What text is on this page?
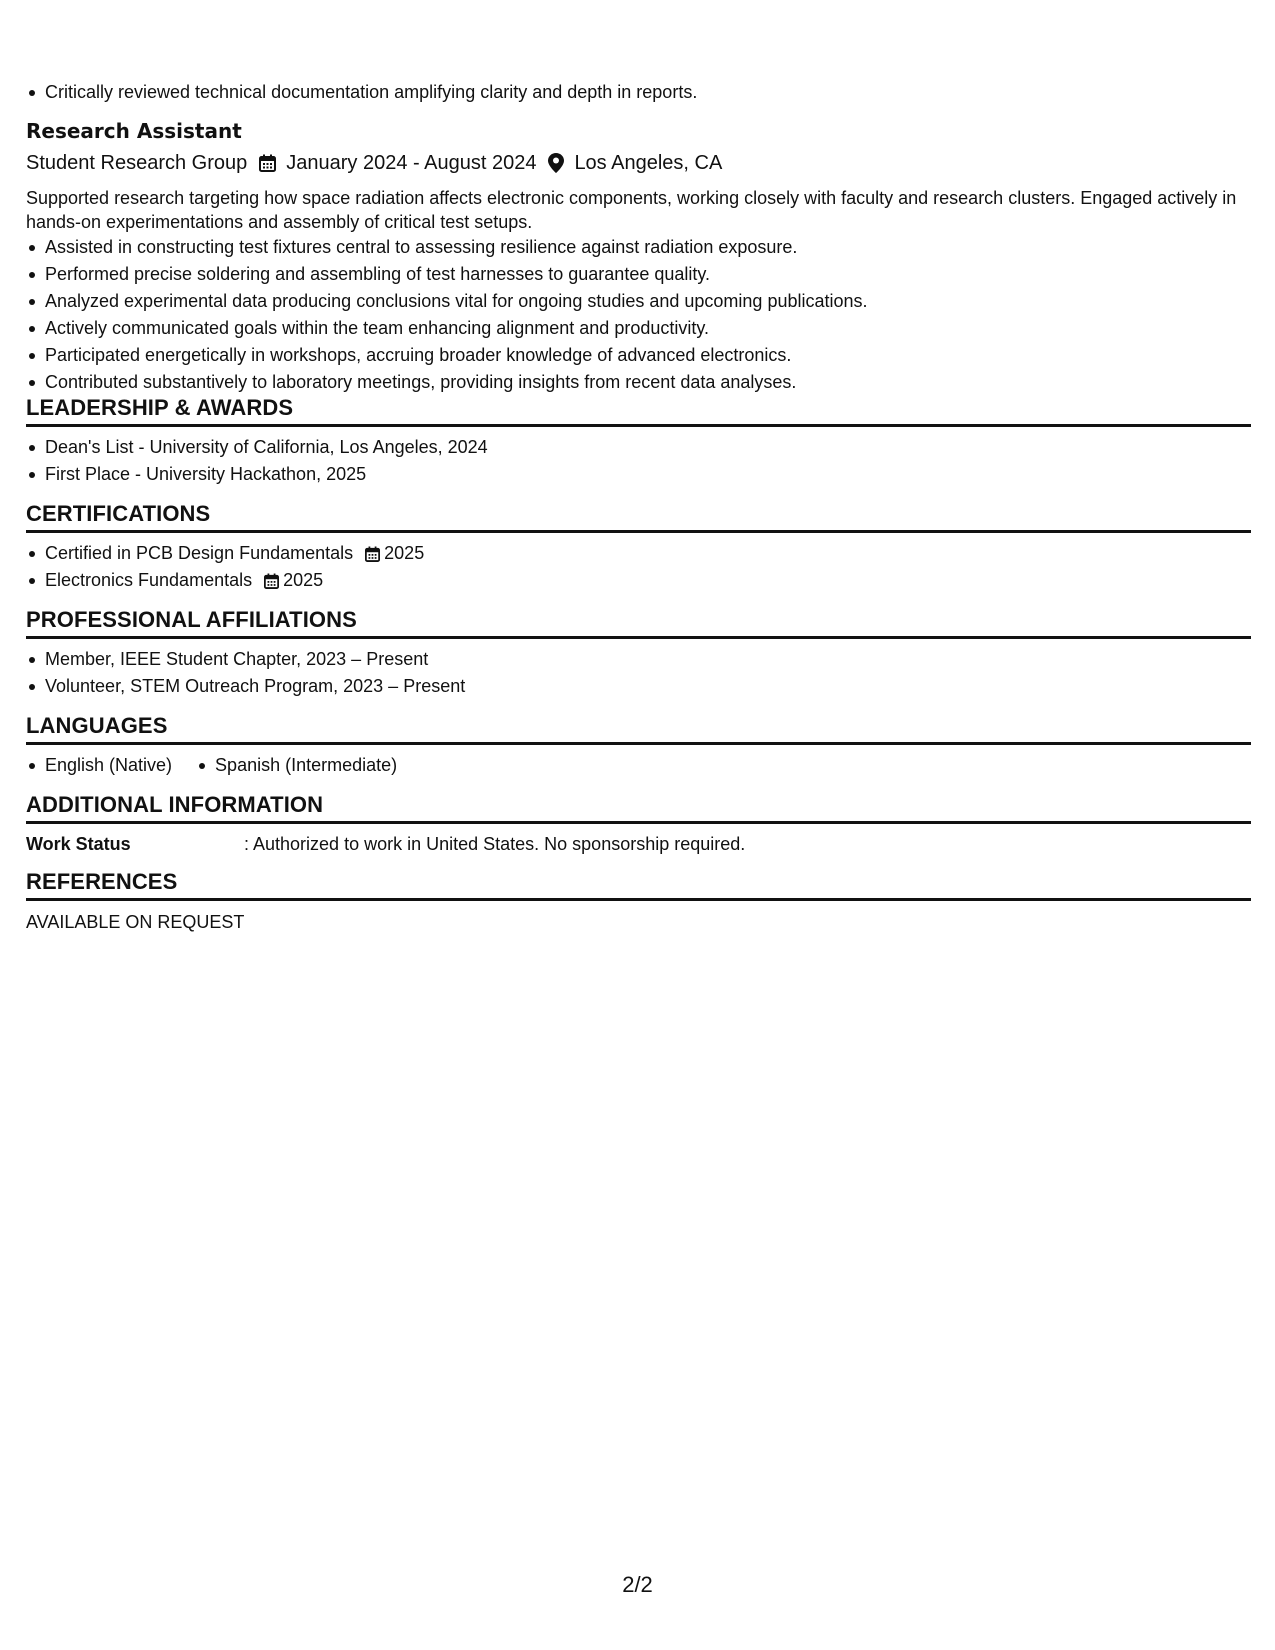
Critically reviewed technical documentation amplifying clarity and depth in reports.
Research Assistant
Student Research Group January 2024 - August 2024 Los Angeles, CA
Supported research targeting how space radiation affects electronic components, working closely with faculty and research clusters. Engaged actively in hands-on experimentations and assembly of critical test setups.
Assisted in constructing test fixtures central to assessing resilience against radiation exposure.
Performed precise soldering and assembling of test harnesses to guarantee quality.
Analyzed experimental data producing conclusions vital for ongoing studies and upcoming publications.
Actively communicated goals within the team enhancing alignment and productivity.
Participated energetically in workshops, accruing broader knowledge of advanced electronics.
Contributed substantively to laboratory meetings, providing insights from recent data analyses.
LEADERSHIP & AWARDS
Dean's List - University of California, Los Angeles, 2024
First Place - University Hackathon, 2025
CERTIFICATIONS
Certified in PCB Design Fundamentals 2025
Electronics Fundamentals 2025
PROFESSIONAL AFFILIATIONS
Member, IEEE Student Chapter, 2023 – Present
Volunteer, STEM Outreach Program, 2023 – Present
LANGUAGES
English (Native)	Spanish (Intermediate)
ADDITIONAL INFORMATION
Work Status	: Authorized to work in United States. No sponsorship required.
REFERENCES
AVAILABLE ON REQUEST
2/2
